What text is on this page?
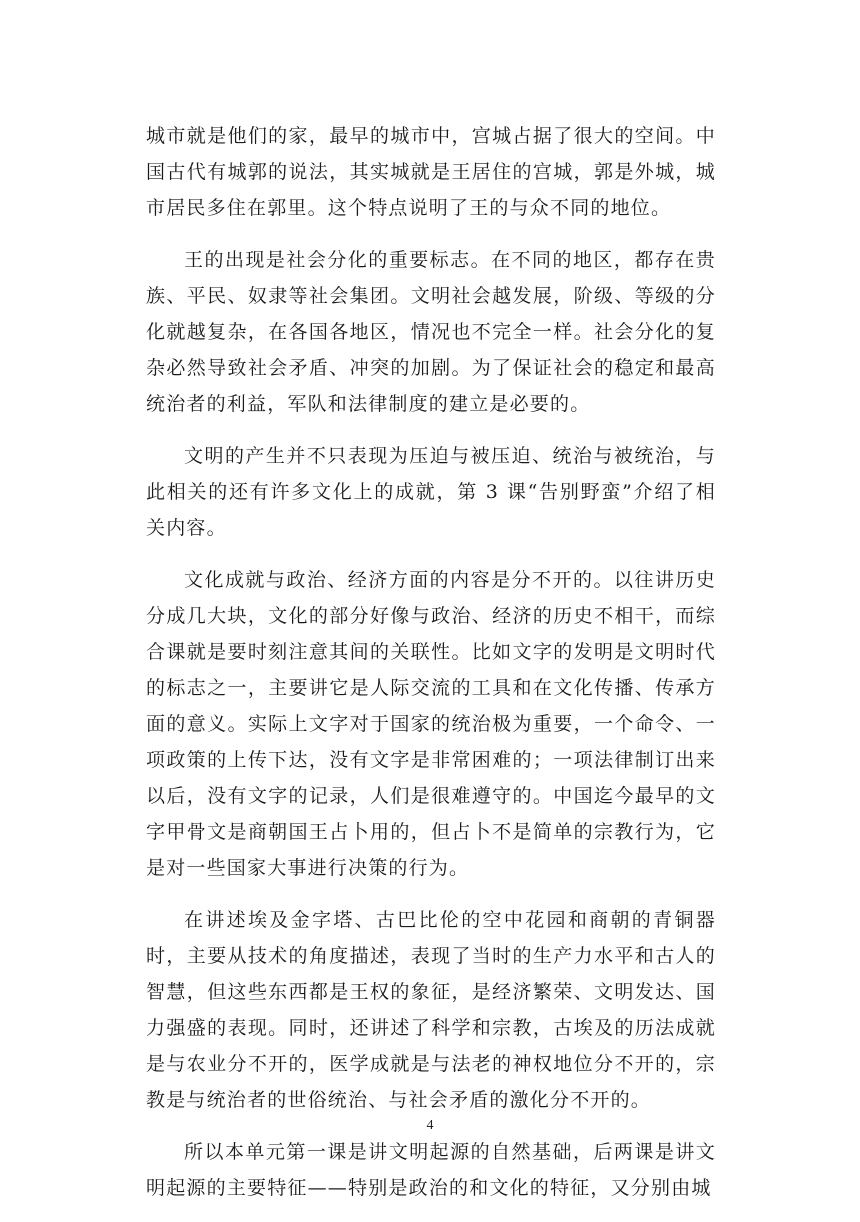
城市就是他们的家，最早的城市中，宫城占据了很大的空间。中国古代有城郭的说法，其实城就是王居住的宫城，郭是外城，城市居民多住在郭里。这个特点说明了王的与众不同的地位。

王的出现是社会分化的重要标志。在不同的地区，都存在贵族、平民、奴隶等社会集团。文明社会越发展，阶级、等级的分化就越复杂，在各国各地区，情况也不完全一样。社会分化的复杂必然导致社会矛盾、冲突的加剧。为了保证社会的稳定和最高统治者的利益，军队和法律制度的建立是必要的。

文明的产生并不只表现为压迫与被压迫、统治与被统治，与此相关的还有许多文化上的成就，第 3 课“告别野蛮”介绍了相关内容。

文化成就与政治、经济方面的内容是分不开的。以往讲历史分成几大块，文化的部分好像与政治、经济的历史不相干，而综合课就是要时刻注意其间的关联性。比如文字的发明是文明时代的标志之一，主要讲它是人际交流的工具和在文化传播、传承方面的意义。实际上文字对于国家的统治极为重要，一个命令、一项政策的上传下达，没有文字是非常困难的；一项法律制订出来以后，没有文字的记录，人们是很难遵守的。中国迄今最早的文字甲骨文是商朝国王占卜用的，但占卜不是简单的宗教行为，它是对一些国家大事进行决策的行为。

在讲述埃及金字塔、古巴比伦的空中花园和商朝的青铜器时，主要从技术的角度描述，表现了当时的生产力水平和古人的智慧，但这些东西都是王权的象征，是经济繁荣、文明发达、国力强盛的表现。同时，还讲述了科学和宗教，古埃及的历法成就是与农业分不开的，医学成就是与法老的神权地位分不开的，宗教是与统治者的世俗统治、与社会矛盾的激化分不开的。

所以本单元第一课是讲文明起源的自然基础，后两课是讲文明起源的主要特征——特别是政治的和文化的特征，又分别由城

4
